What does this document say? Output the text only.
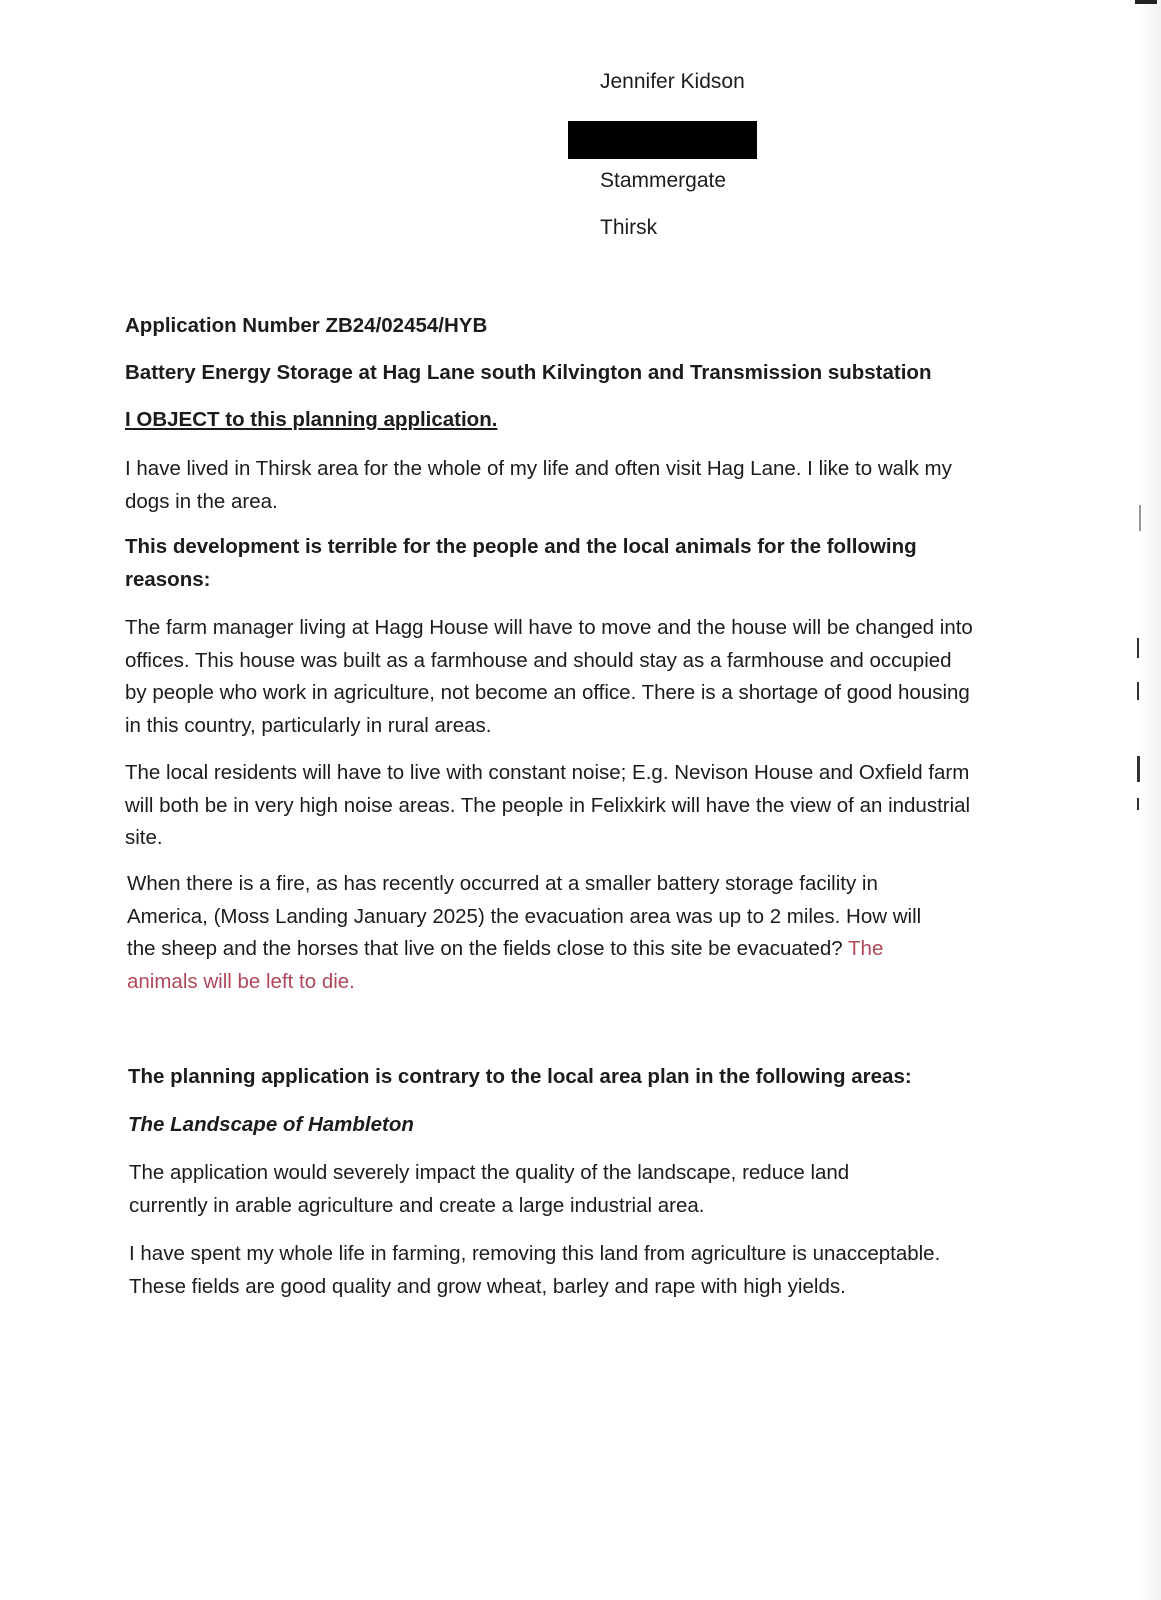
Jennifer Kidson
Stammergate
Thirsk
Application Number ZB24/02454/HYB
Battery Energy Storage at Hag Lane south Kilvington and Transmission substation
I OBJECT to this planning application.
I have lived in Thirsk area for the whole of my life and often visit Hag Lane. I like to walk my dogs in the area.
This development is terrible for the people and the local animals for the following reasons:
The farm manager living at Hagg House will have to move and the house will be changed into offices. This house was built as a farmhouse and should stay as a farmhouse and occupied by people who work in agriculture, not become an office. There is a shortage of good housing in this country, particularly in rural areas.
The local residents will have to live with constant noise; E.g. Nevison House and Oxfield farm will both be in very high noise areas. The people in Felixkirk will have the view of an industrial site.
When there is a fire, as has recently occurred at a smaller battery storage facility in America, (Moss Landing January 2025) the evacuation area was up to 2 miles. How will the sheep and the horses that live on the fields close to this site be evacuated? The animals will be left to die.
The planning application is contrary to the local area plan in the following areas:
The Landscape of Hambleton
The application would severely impact the quality of the landscape, reduce land currently in arable agriculture and create a large industrial area.
I have spent my whole life in farming, removing this land from agriculture is unacceptable. These fields are good quality and grow wheat, barley and rape with high yields.
